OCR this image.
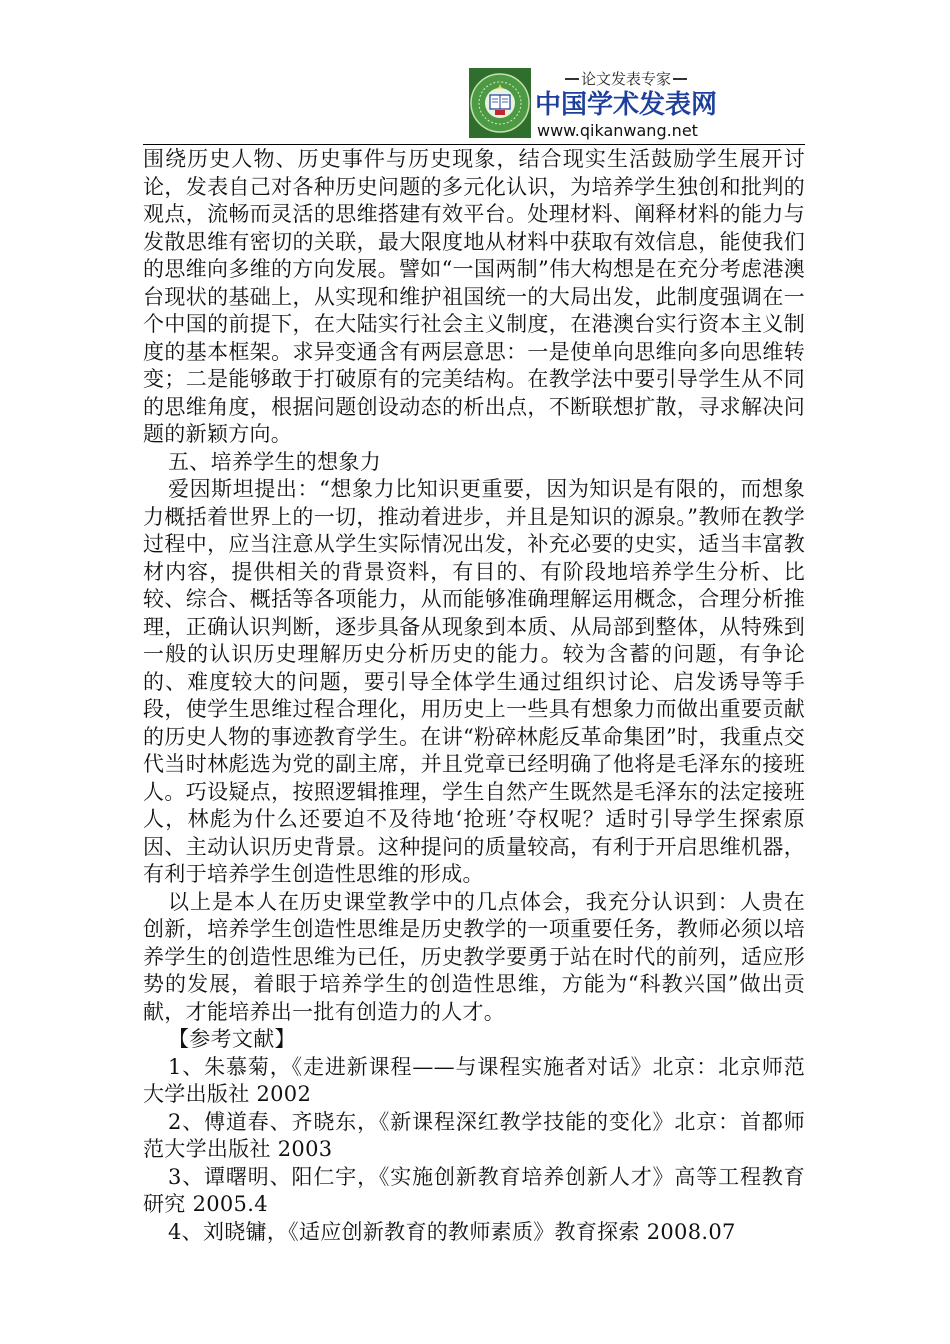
论文发表专家
中国学术发表网
www.qikanwang.net

围绕历史人物、历史事件与历史现象，结合现实生活鼓励学生展开讨论，发表自己对各种历史问题的多元化认识，为培养学生独创和批判的观点，流畅而灵活的思维搭建有效平台。处理材料、阐释材料的能力与发散思维有密切的关联，最大限度地从材料中获取有效信息，能使我们的思维向多维的方向发展。譬如“一国两制”伟大构想是在充分考虑港澳台现状的基础上，从实现和维护祖国统一的大局出发，此制度强调在一个中国的前提下，在大陆实行社会主义制度，在港澳台实行资本主义制度的基本框架。求异变通含有两层意思：一是使单向思维向多向思维转变；二是能够敢于打破原有的完美结构。在教学法中要引导学生从不同的思维角度，根据问题创设动态的析出点，不断联想扩散，寻求解决问题的新颖方向。

五、培养学生的想象力

爱因斯坦提出：“想象力比知识更重要，因为知识是有限的，而想象力概括着世界上的一切，推动着进步，并且是知识的源泉。”教师在教学过程中，应当注意从学生实际情况出发，补充必要的史实，适当丰富教材内容，提供相关的背景资料，有目的、有阶段地培养学生分析、比较、综合、概括等各项能力，从而能够准确理解运用概念，合理分析推理，正确认识判断，逐步具备从现象到本质、从局部到整体，从特殊到一般的认识历史理解历史分析历史的能力。较为含蓄的问题，有争论的、难度较大的问题，要引导全体学生通过组织讨论、启发诱导等手段，使学生思维过程合理化，用历史上一些具有想象力而做出重要贡献的历史人物的事迹教育学生。在讲“粉碎林彪反革命集团”时，我重点交代当时林彪选为党的副主席，并且党章已经明确了他将是毛泽东的接班人。巧设疑点，按照逻辑推理，学生自然产生既然是毛泽东的法定接班人，林彪为什么还要迫不及待地‘抢班’夺权呢？适时引导学生探索原因、主动认识历史背景。这种提问的质量较高，有利于开启思维机器，有利于培养学生创造性思维的形成。

以上是本人在历史课堂教学中的几点体会，我充分认识到：人贵在创新，培养学生创造性思维是历史教学的一项重要任务，教师必须以培养学生的创造性思维为已任，历史教学要勇于站在时代的前列，适应形势的发展，着眼于培养学生的创造性思维，方能为“科教兴国”做出贡献，才能培养出一批有创造力的人才。

【参考文献】

1、朱慕菊，《走进新课程——与课程实施者对话》北京：北京师范大学出版社 2002

2、傅道春、齐晓东，《新课程深红教学技能的变化》北京：首都师范大学出版社 2003

3、谭曙明、阳仁宇，《实施创新教育培养创新人才》高等工程教育研究 2005.4

4、刘晓镛，《适应创新教育的教师素质》教育探索 2008.07
